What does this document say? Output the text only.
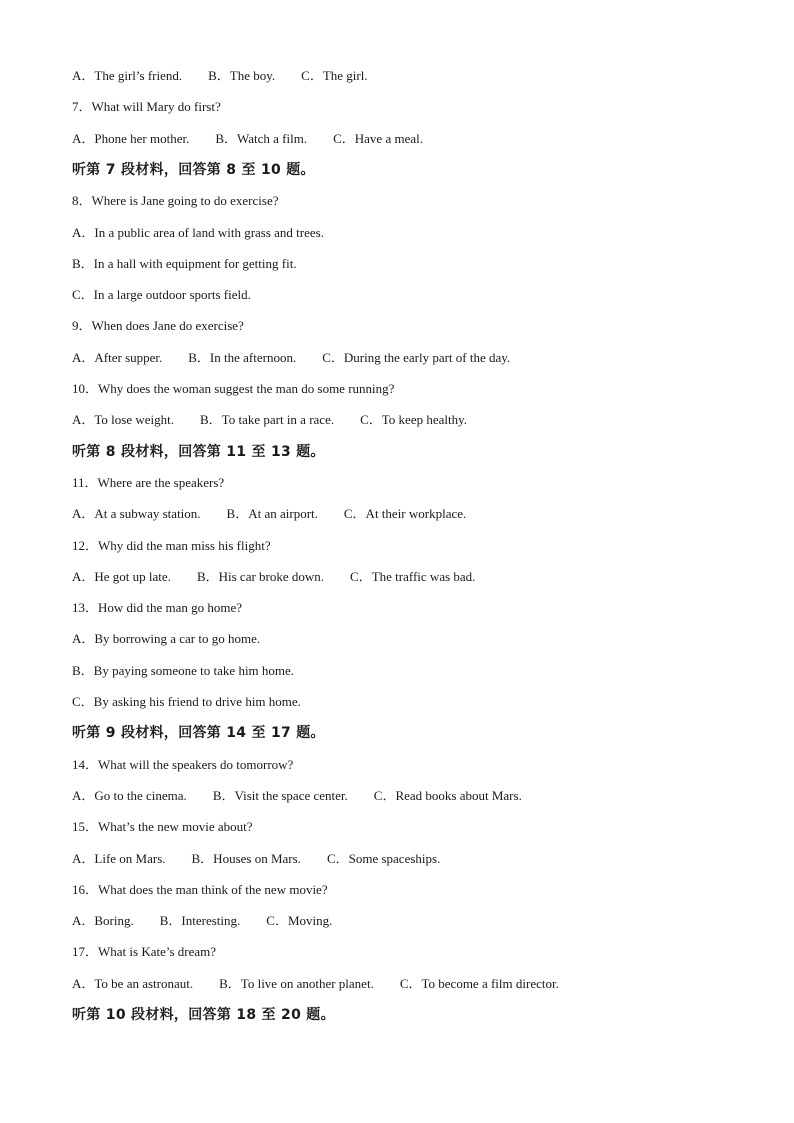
A．The girl’s friend. B．The boy. C．The girl.
7．What will Mary do first?
A．Phone her mother. B．Watch a film. C．Have a meal.
听第 7 段材料，回答第 8 至 10 题。
8．Where is Jane going to do exercise?
A．In a public area of land with grass and trees.
B．In a hall with equipment for getting fit.
C．In a large outdoor sports field.
9．When does Jane do exercise?
A．After supper. B．In the afternoon. C．During the early part of the day.
10．Why does the woman suggest the man do some running?
A．To lose weight. B．To take part in a race. C．To keep healthy.
听第 8 段材料，回答第 11 至 13 题。
11．Where are the speakers?
A．At a subway station. B．At an airport. C．At their workplace.
12．Why did the man miss his flight?
A．He got up late. B．His car broke down. C．The traffic was bad.
13．How did the man go home?
A．By borrowing a car to go home.
B．By paying someone to take him home.
C．By asking his friend to drive him home.
听第 9 段材料，回答第 14 至 17 题。
14．What will the speakers do tomorrow?
A．Go to the cinema. B．Visit the space center. C．Read books about Mars.
15．What’s the new movie about?
A．Life on Mars. B．Houses on Mars. C．Some spaceships.
16．What does the man think of the new movie?
A．Boring. B．Interesting. C．Moving.
17．What is Kate’s dream?
A．To be an astronaut. B．To live on another planet. C．To become a film director.
听第 10 段材料，回答第 18 至 20 题。
